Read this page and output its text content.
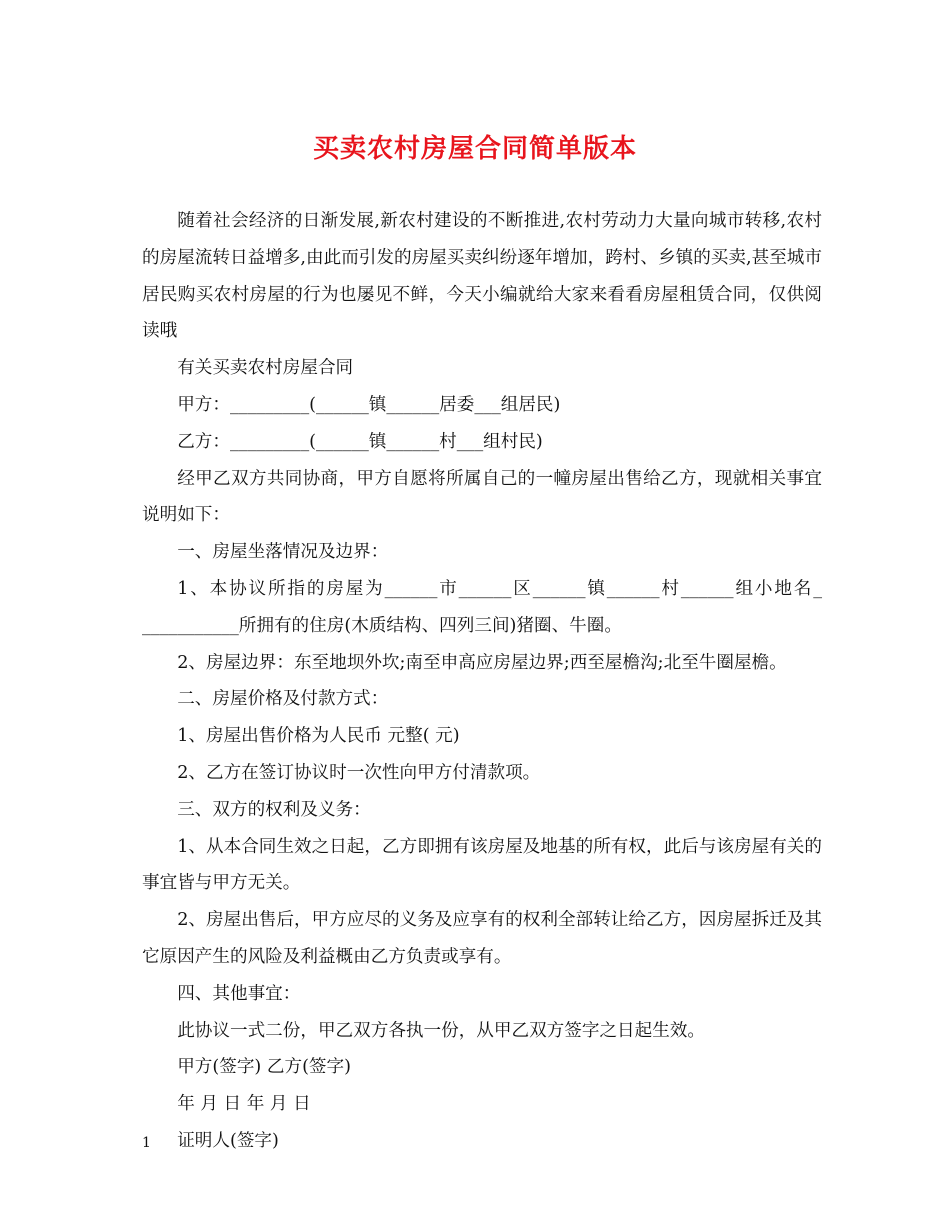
买卖农村房屋合同简单版本

随着社会经济的日渐发展,新农村建设的不断推进,农村劳动力大量向城市转移,农村的房屋流转日益增多,由此而引发的房屋买卖纠纷逐年增加，跨村、乡镇的买卖,甚至城市居民购买农村房屋的行为也屡见不鲜，今天小编就给大家来看看房屋租赁合同，仅供阅读哦

有关买卖农村房屋合同

甲方：_________(______镇______居委___组居民)

乙方：_________(______镇______村___组村民)

经甲乙双方共同协商，甲方自愿将所属自己的一幢房屋出售给乙方，现就相关事宜说明如下：

一、房屋坐落情况及边界：

1、本协议所指的房屋为______市______区______镇______村______组小地名_ ___________所拥有的住房(木质结构、四列三间)猪圈、牛圈。

2、房屋边界：东至地坝外坎;南至申高应房屋边界;西至屋檐沟;北至牛圈屋檐。

二、房屋价格及付款方式：

1、房屋出售价格为人民币 元整( 元)

2、乙方在签订协议时一次性向甲方付清款项。

三、双方的权利及义务：

1、从本合同生效之日起，乙方即拥有该房屋及地基的所有权，此后与该房屋有关的事宜皆与甲方无关。

2、房屋出售后，甲方应尽的义务及应享有的权利全部转让给乙方，因房屋拆迁及其它原因产生的风险及利益概由乙方负责或享有。

四、其他事宜：

此协议一式二份，甲乙双方各执一份，从甲乙双方签字之日起生效。

甲方(签字) 乙方(签字)

年 月 日 年 月 日

证明人(签字)

1
